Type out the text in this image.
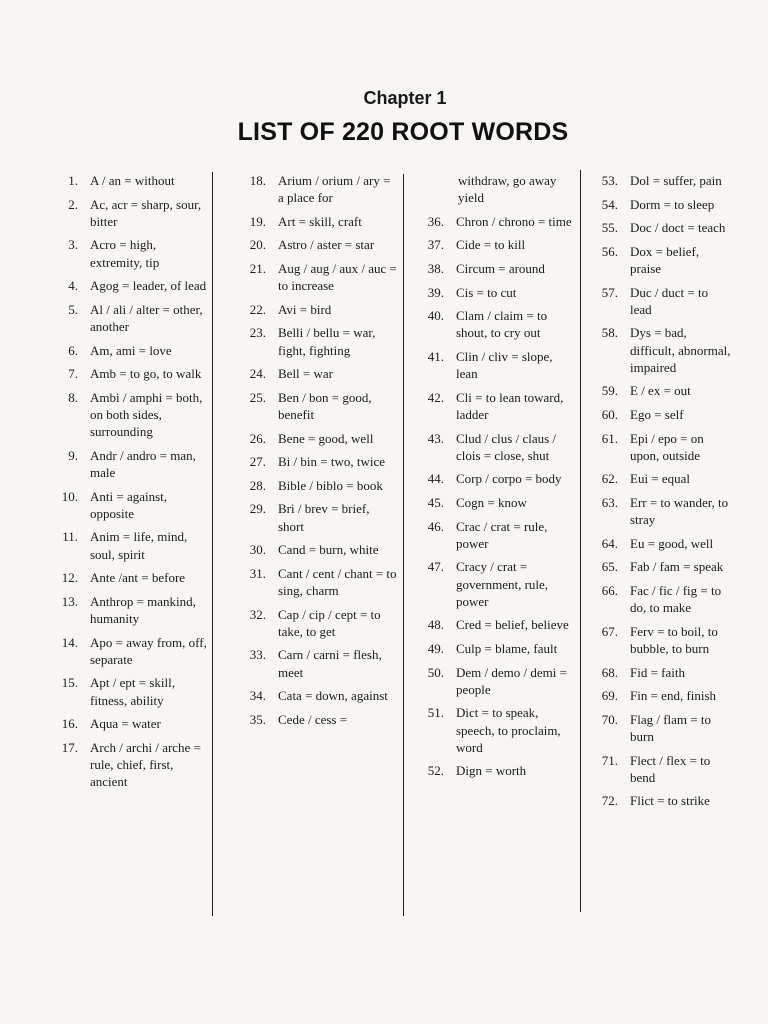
Chapter 1
LIST OF 220 ROOT WORDS
1. A / an = without
2. Ac, acr = sharp, sour, bitter
3. Acro = high, extremity, tip
4. Agog = leader, of lead
5. Al / ali / alter = other, another
6. Am, ami = love
7. Amb = to go, to walk
8. Ambi / amphi = both, on both sides, surrounding
9. Andr / andro = man, male
10. Anti = against, opposite
11. Anim = life, mind, soul, spirit
12. Ante /ant = before
13. Anthrop = mankind, humanity
14. Apo = away from, off, separate
15. Apt / ept = skill, fitness, ability
16. Aqua = water
17. Arch / archi / arche = rule, chief, first, ancient
18. Arium / orium / ary = a place for
19. Art = skill, craft
20. Astro / aster = star
21. Aug / aug / aux / auc = to increase
22. Avi = bird
23. Belli / bellu = war, fight, fighting
24. Bell = war
25. Ben / bon = good, benefit
26. Bene = good, well
27. Bi / bin = two, twice
28. Bible / biblo = book
29. Bri / brev = brief, short
30. Cand = burn, white
31. Cant / cent / chant = to sing, charm
32. Cap / cip / cept = to take, to get
33. Carn / carni = flesh, meet
34. Cata = down, against
35. Cede / cess =
withdraw, go away yield
36. Chron / chrono = time
37. Cide = to kill
38. Circum = around
39. Cis = to cut
40. Clam / claim = to shout, to cry out
41. Clin / cliv = slope, lean
42. Cli = to lean toward, ladder
43. Clud / clus / claus / clois = close, shut
44. Corp / corpo = body
45. Cogn = know
46. Crac / crat = rule, power
47. Cracy / crat = government, rule, power
48. Cred = belief, believe
49. Culp = blame, fault
50. Dem / demo / demi = people
51. Dict = to speak, speech, to proclaim, word
52. Dign = worth
53. Dol = suffer, pain
54. Dorm = to sleep
55. Doc / doct = teach
56. Dox = belief, praise
57. Duc / duct = to lead
58. Dys = bad, difficult, abnormal, impaired
59. E / ex = out
60. Ego = self
61. Epi / epo = on upon, outside
62. Eui = equal
63. Err = to wander, to stray
64. Eu = good, well
65. Fab / fam = speak
66. Fac / fic / fig = to do, to make
67. Ferv = to boil, to bubble, to burn
68. Fid = faith
69. Fin = end, finish
70. Flag / flam = to burn
71. Flect / flex = to bend
72. Flict = to strike
